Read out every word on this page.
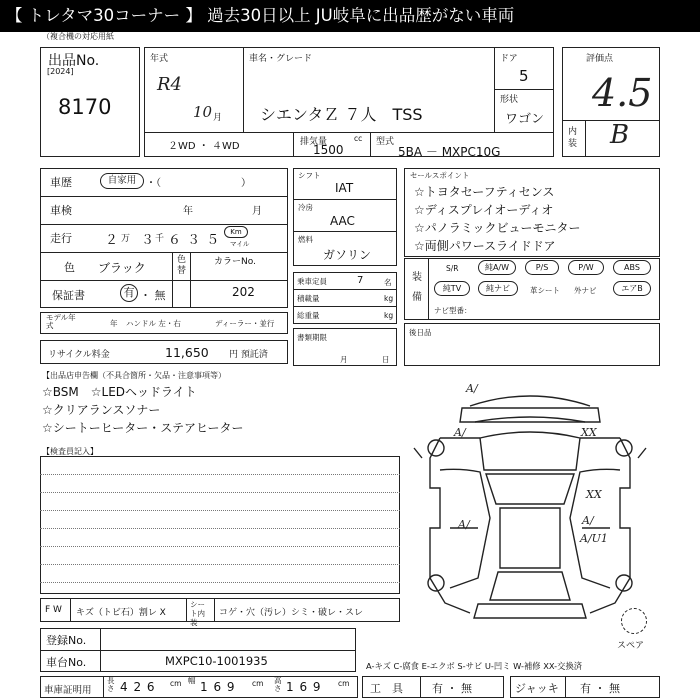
【 トレタマ30コーナー 】 過去30日以上 JU岐阜に出品歴がない車両
（複合機の対応用紙
出品No.
[2024]
8170
年式
R4
10 月
車名・グレード
シエンタＺ ７人　TSS
ドア
5
形状
ワゴン
２WD ・ ４WD	排気量	cc
1500
型式
5BA － MXPC10G
評価点
4.5
内装 B
車歴	自家用 ・（　　　　　　　　）
車検	年	月
走行	２ 万 ３ 千 ６ ３ ５
Km
マイル
色 ブラック
色替
カラーNo.
202
保証書	有 ・ 無
モデル年式	年 ハンドル 左・右	ディーラー・並行
リサイクル料金	11,650 円 預託済
シフト
IAT
冷房
AAC
燃料
ガソリン
乗車定員	7	名
積載量	kg
総重量	kg
書類期限
月	日
セールスポイント
☆トヨタセーフティセンス
☆ディスプレイオーディオ
☆パノラミックビューモニター
☆両側パワースライドドア
装備
S/R	純A/W	P/S	P/W	ABS
純TV	純ナビ	革シート 外ナビ	エアB
ナビ型番：
後日品
【出品店申告欄（不具合箇所・欠品・注意事項等）
☆BSM　☆LEDヘッドライト
☆クリアランスソナー
☆シートーヒーター・ステアヒーター
【検査員記入】
A/
A/	XX
XX
A/	A/
A/U1
スペア
F W キズ（トビ石）割レ X
シート内装
コゲ・穴（汚レ）シミ・破レ・スレ
登録No.
車台No.	MXPC10-1001935	A-キズ C-腐食 E-エクボ S-サビ U-凹ミ W-補修 XX-交換済
車庫証明用
長さ 4 2 6 cm 幅 1 6 9 cm 高さ 1 6 9 cm 工　具	有 ・ 無	ジャッキ 有 ・ 無
